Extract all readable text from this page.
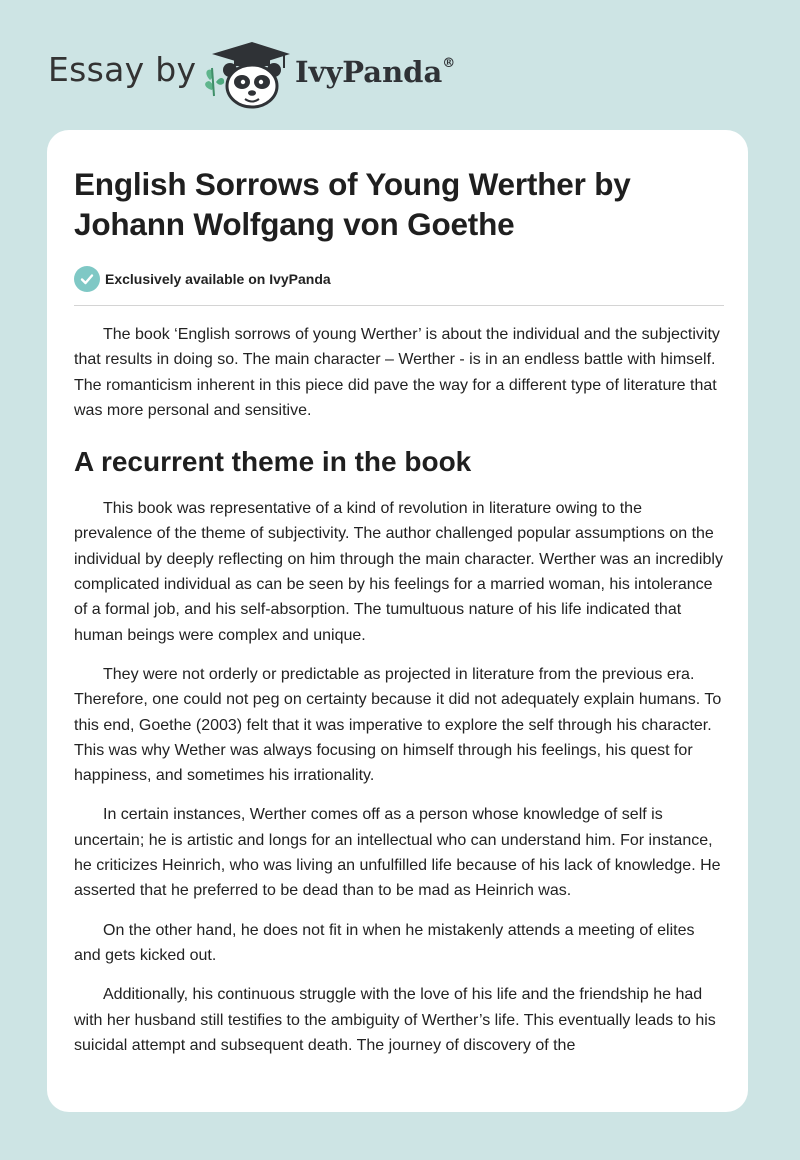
Essay by	IvyPanda®
English Sorrows of Young Werther by Johann Wolfgang von Goethe
Exclusively available on IvyPanda

The book ‘English sorrows of young Werther’ is about the individual and the subjectivity that results in doing so. The main character – Werther - is in an endless battle with himself. The romanticism inherent in this piece did pave the way for a different type of literature that was more personal and sensitive.

A recurrent theme in the book

This book was representative of a kind of revolution in literature owing to the prevalence of the theme of subjectivity. The author challenged popular assumptions on the individual by deeply reflecting on him through the main character. Werther was an incredibly complicated individual as can be seen by his feelings for a married woman, his intolerance of a formal job, and his self-absorption. The tumultuous nature of his life indicated that human beings were complex and unique.

They were not orderly or predictable as projected in literature from the previous era. Therefore, one could not peg on certainty because it did not adequately explain humans. To this end, Goethe (2003) felt that it was imperative to explore the self through his character. This was why Wether was always focusing on himself through his feelings, his quest for happiness, and sometimes his irrationality.

In certain instances, Werther comes off as a person whose knowledge of self is uncertain; he is artistic and longs for an intellectual who can understand him. For instance, he criticizes Heinrich, who was living an unfulfilled life because of his lack of knowledge. He asserted that he preferred to be dead than to be mad as Heinrich was.

On the other hand, he does not fit in when he mistakenly attends a meeting of elites and gets kicked out.

Additionally, his continuous struggle with the love of his life and the friendship he had with her husband still testifies to the ambiguity of Werther’s life. This eventually leads to his suicidal attempt and subsequent death. The journey of discovery of the
